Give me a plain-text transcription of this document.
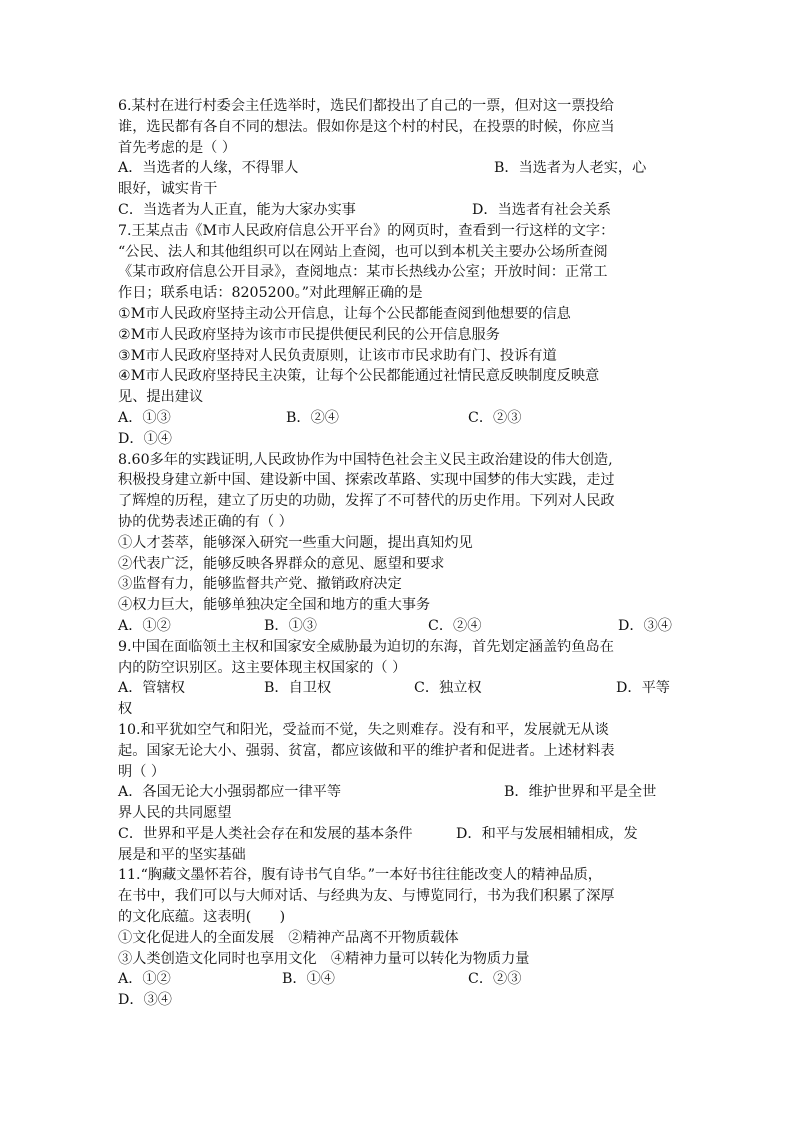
6.某村在进行村委会主任选举时，选民们都投出了自己的一票，但对这一票投给
谁，选民都有各自不同的想法。假如你是这个村的村民，在投票的时候，你应当
首先考虑的是（ ）
A．当选者的人缘，不得罪人	B．当选者为人老实，心
眼好，诚实肯干
C．当选者为人正直，能为大家办实事	D．当选者有社会关系
7.王某点击《M市人民政府信息公开平台》的网页时，查看到一行这样的文字：
“公民、法人和其他组织可以在网站上查阅，也可以到本机关主要办公场所查阅
《某市政府信息公开目录》，查阅地点：某市长热线办公室；开放时间：正常工
作日；联系电话：8205200。”对此理解正确的是
①M市人民政府坚持主动公开信息，让每个公民都能查阅到他想要的信息
②M市人民政府坚持为该市市民提供便民利民的公开信息服务
③M市人民政府坚持对人民负责原则，让该市市民求助有门、投诉有道
④M市人民政府坚持民主决策，让每个公民都能通过社情民意反映制度反映意
见、提出建议
A．①③	B．②④	C．②③
D．①④
8.60多年的实践证明,人民政协作为中国特色社会主义民主政治建设的伟大创造,
积极投身建立新中国、建设新中国、探索改革路、实现中国梦的伟大实践，走过
了辉煌的历程，建立了历史的功勋，发挥了不可替代的历史作用。下列对人民政
协的优势表述正确的有（ ）
①人才荟萃，能够深入研究一些重大问题，提出真知灼见
②代表广泛，能够反映各界群众的意见、愿望和要求
③监督有力，能够监督共产党、撤销政府决定
④权力巨大，能够单独决定全国和地方的重大事务
A．①②	B．①③	C．②④	D．③④
9.中国在面临领土主权和国家安全威胁最为迫切的东海，首先划定涵盖钓鱼岛在
内的防空识别区。这主要体现主权国家的（ ）
A．管辖权	B．自卫权	C．独立权	D．平等
权
10.和平犹如空气和阳光，受益而不觉，失之则难存。没有和平，发展就无从谈
起。国家无论大小、强弱、贫富，都应该做和平的维护者和促进者。上述材料表
明（ ）
A．各国无论大小强弱都应一律平等	B．维护世界和平是全世
界人民的共同愿望
C．世界和平是人类社会存在和发展的基本条件	D．和平与发展相辅相成，发
展是和平的坚实基础
11.“胸藏文墨怀若谷，腹有诗书气自华。”一本好书往往能改变人的精神品质，
在书中，我们可以与大师对话、与经典为友、与博览同行，书为我们积累了深厚
的文化底蕴。这表明(　　)
①文化促进人的全面发展　②精神产品离不开物质载体
③人类创造文化同时也享用文化　④精神力量可以转化为物质力量
A．①②	B．①④	C．②③
D．③④
